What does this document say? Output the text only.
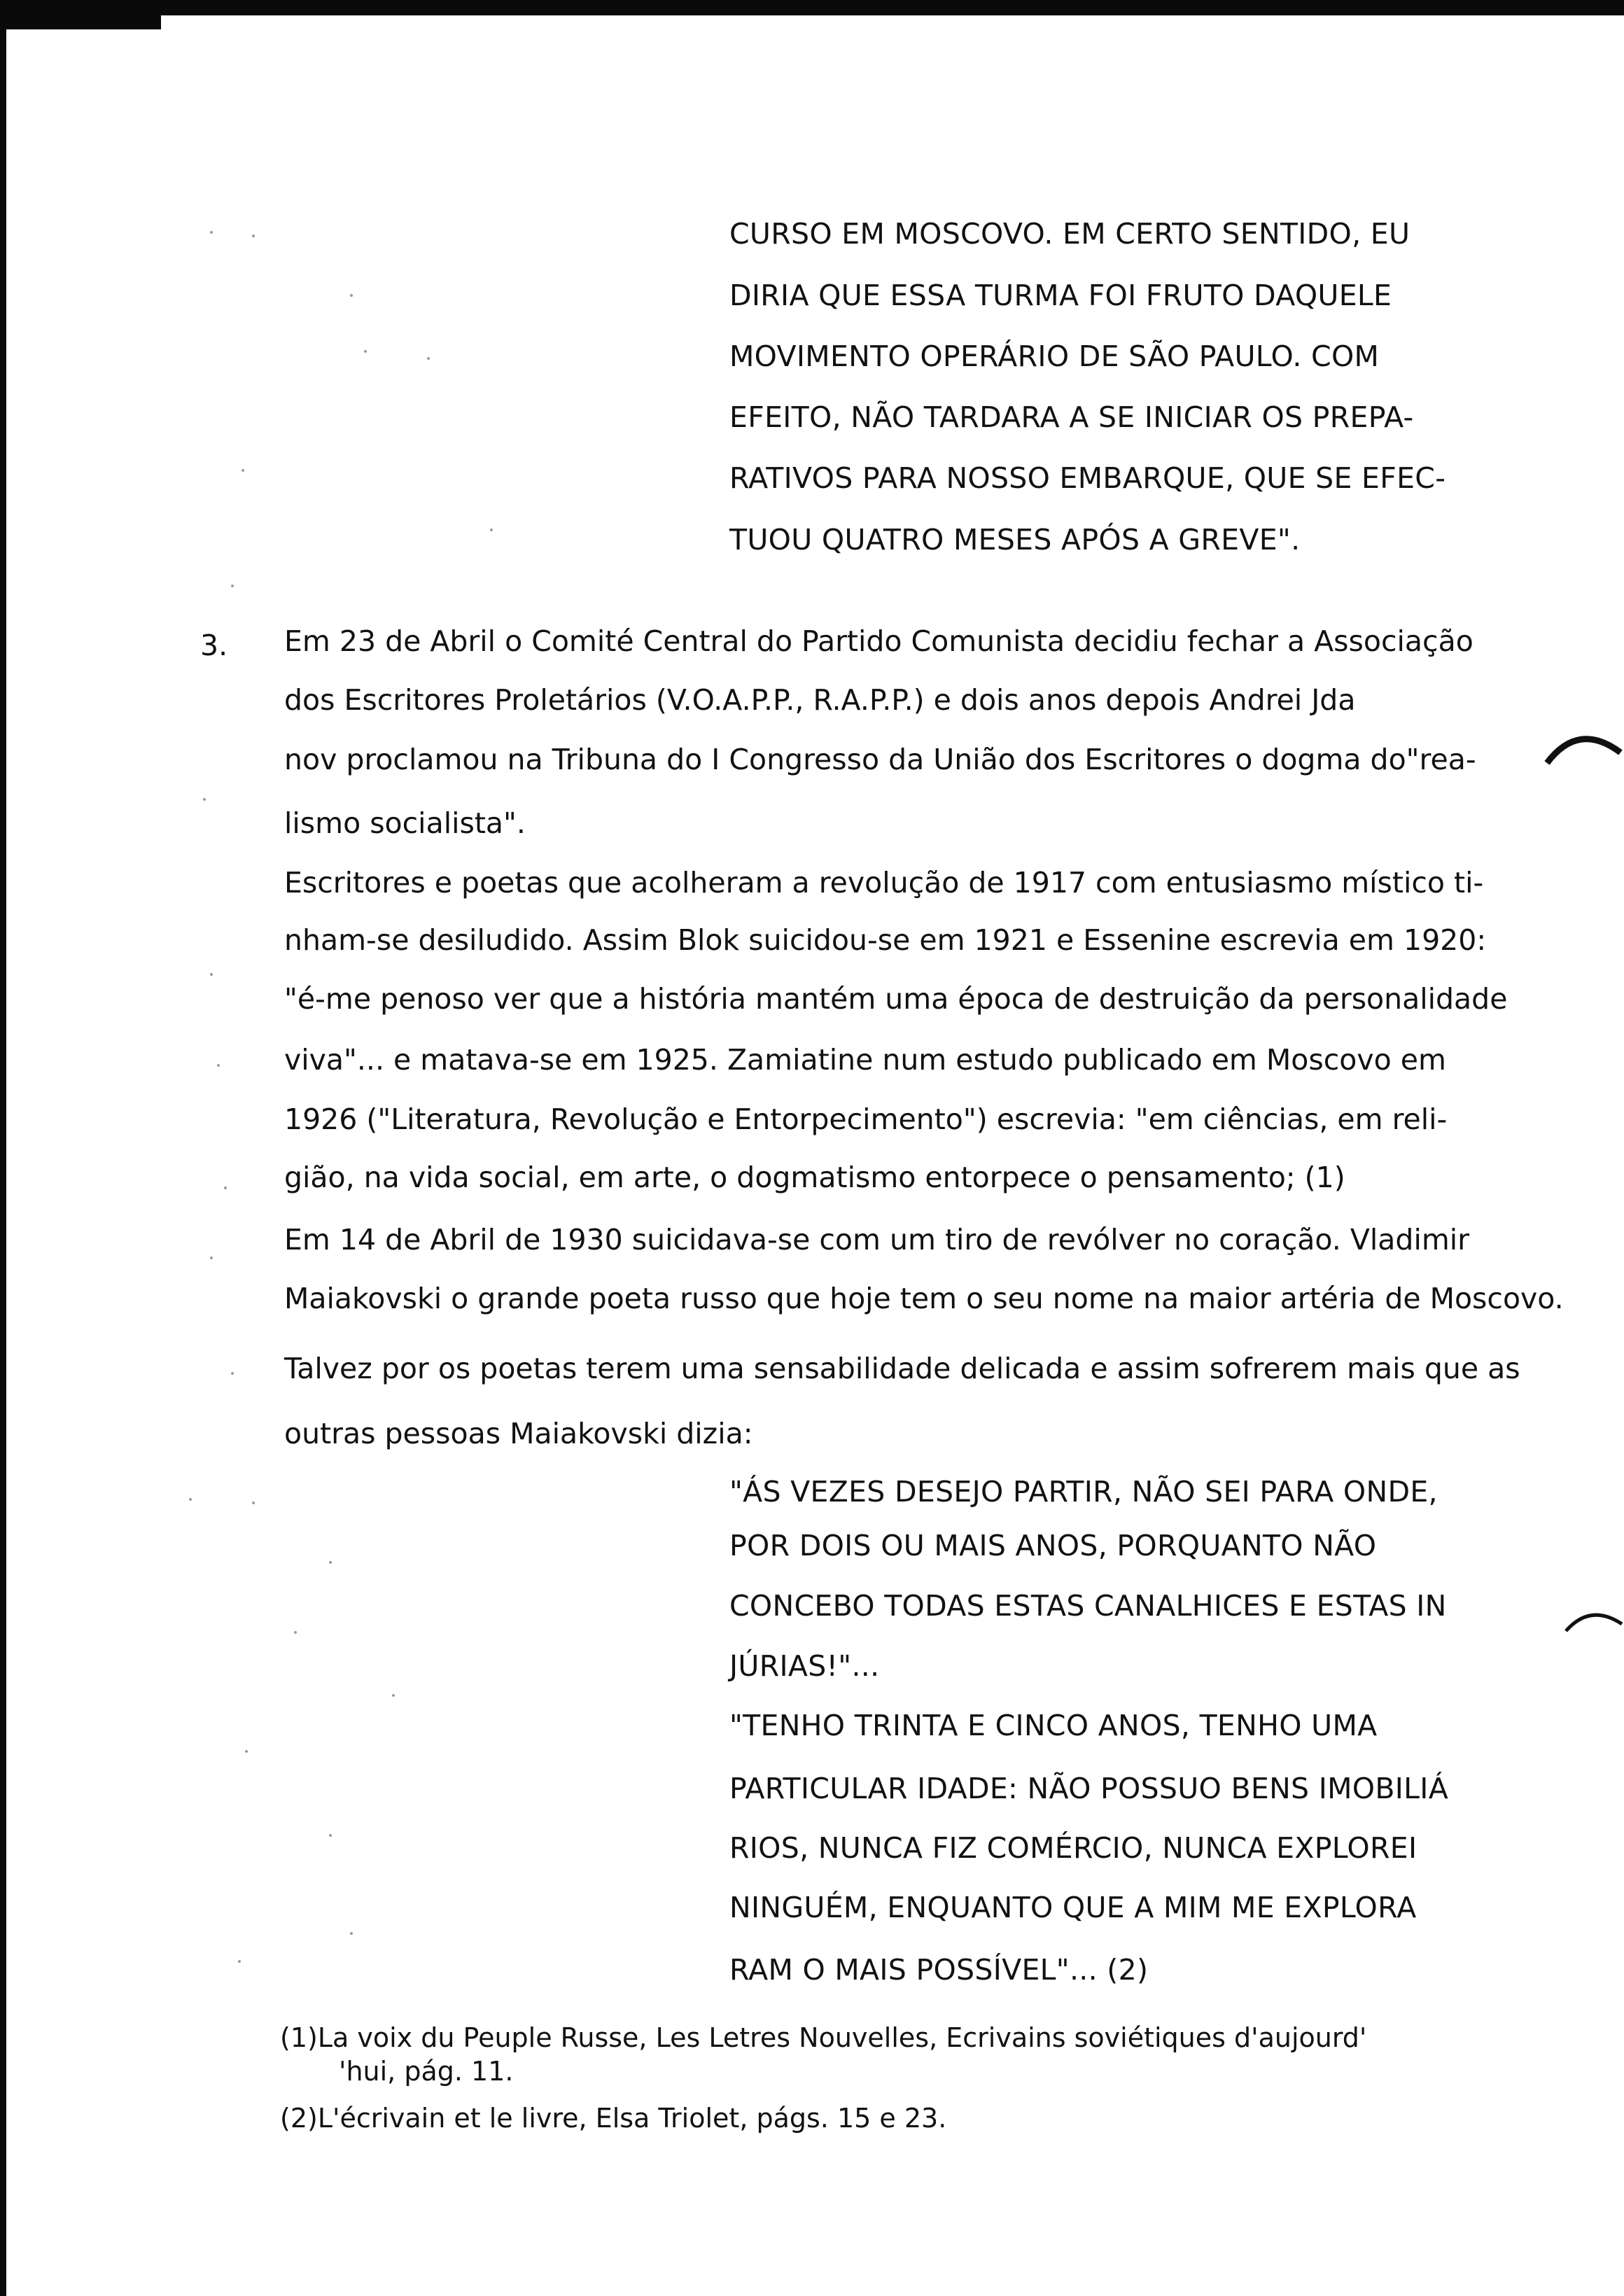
CURSO EM MOSCOVO. EM CERTO SENTIDO, EU
DIRIA QUE ESSA TURMA FOI FRUTO DAQUELE
MOVIMENTO OPERÁRIO DE SÃO PAULO. COM
EFEITO, NÃO TARDARA A SE INICIAR OS PREPA-
RATIVOS PARA NOSSO EMBARQUE, QUE SE EFEC-
TUOU QUATRO MESES APÓS A GREVE".
3. Em 23 de Abril o Comité Central do Partido Comunista decidiu fechar a Associação
dos Escritores Proletários (V.O.A.P.P., R.A.P.P.) e dois anos depois Andrei Jda
nov proclamou na Tribuna do I Congresso da União dos Escritores o dogma do"rea-
lismo socialista".
Escritores e poetas que acolheram a revolução de 1917 com entusiasmo místico ti-
nham-se desiludido. Assim Blok suicidou-se em 1921 e Essenine escrevia em 1920:
"é-me penoso ver que a história mantém uma época de destruição da personalidade
viva"... e matava-se em 1925. Zamiatine num estudo publicado em Moscovo em
1926 ("Literatura, Revolução e Entorpecimento") escrevia: "em ciências, em reli-
gião, na vida social, em arte, o dogmatismo entorpece o pensamento; (1)
Em 14 de Abril de 1930 suicidava-se com um tiro de revólver no coração. Vladimir
Maiakovski o grande poeta russo que hoje tem o seu nome na maior artéria de Moscovo.
Talvez por os poetas terem uma sensabilidade delicada e assim sofrerem mais que as
outras pessoas Maiakovski dizia:
"ÁS VEZES DESEJO PARTIR, NÃO SEI PARA ONDE,
POR DOIS OU MAIS ANOS, PORQUANTO NÃO
CONCEBO TODAS ESTAS CANALHICES E ESTAS IN
JÚRIAS!"...
"TENHO TRINTA E CINCO ANOS, TENHO UMA
PARTICULAR IDADE: NÃO POSSUO BENS IMOBILIÁ
RIOS, NUNCA FIZ COMÉRCIO, NUNCA EXPLOREI
NINGUÉM, ENQUANTO QUE A MIM ME EXPLORA
RAM O MAIS POSSÍVEL"... (2)
(1)La voix du Peuple Russe, Les Letres Nouvelles, Ecrivains soviétiques d'aujourd'
'hui, pág. 11.
(2)L'écrivain et le livre, Elsa Triolet, págs. 15 e 23.
